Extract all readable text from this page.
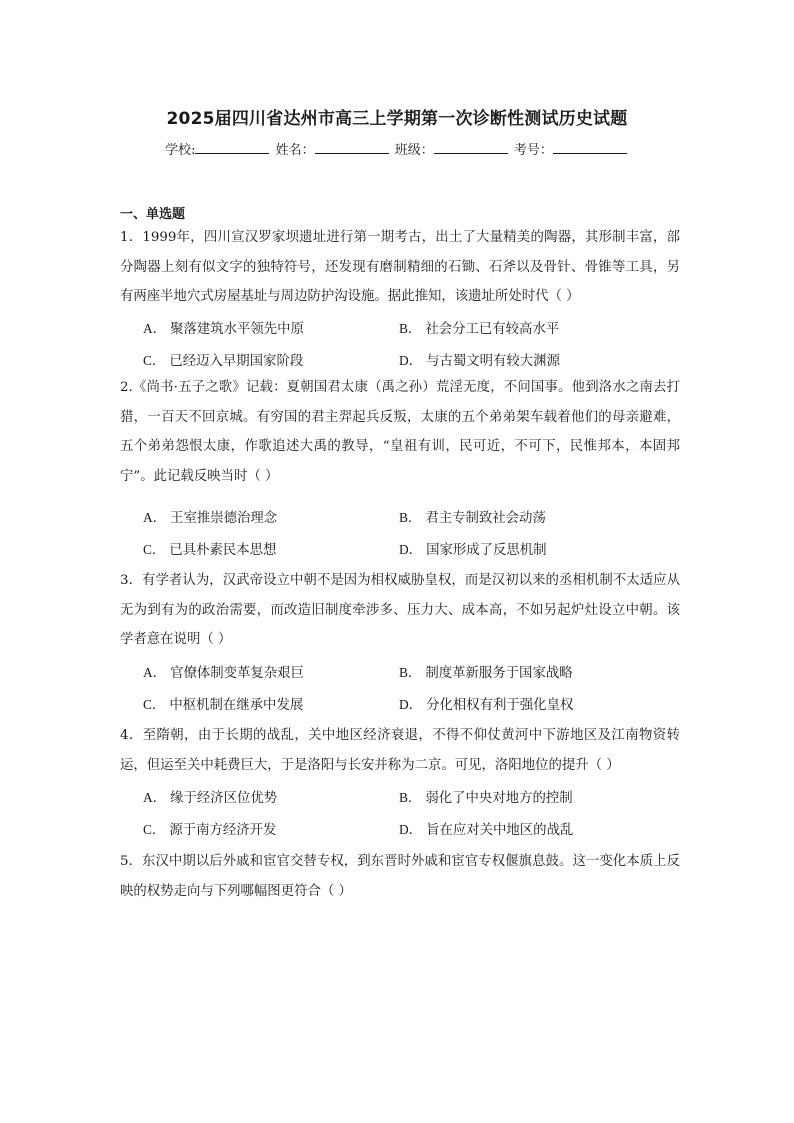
2025届四川省达州市高三上学期第一次诊断性测试历史试题
学校:	姓名：	班级：	考号：
一、单选题
1．1999年，四川宣汉罗家坝遗址进行第一期考古，出土了大量精美的陶器，其形制丰富，部分陶器上刻有似文字的独特符号，还发现有磨制精细的石锄、石斧以及骨针、骨锥等工具，另有两座半地穴式房屋基址与周边防护沟设施。据此推知，该遗址所处时代（ ）
A． 聚落建筑水平领先中原	B． 社会分工已有较高水平
C． 已经迈入早期国家阶段	D． 与古蜀文明有较大渊源
2.《尚书·五子之歌》记载：夏朝国君太康（禹之孙）荒淫无度，不问国事。他到洛水之南去打猎，一百天不回京城。有穷国的君主羿起兵反叛，太康的五个弟弟架车载着他们的母亲避难，五个弟弟怨恨太康，作歌追述大禹的教导，“皇祖有训，民可近，不可下，民惟邦本，本固邦宁”。此记载反映当时（ ）
A． 王室推崇德治理念	B． 君主专制致社会动荡
C． 已具朴素民本思想	D． 国家形成了反思机制
3．有学者认为，汉武帝设立中朝不是因为相权威胁皇权，而是汉初以来的丞相机制不太适应从无为到有为的政治需要，而改造旧制度牵涉多、压力大、成本高，不如另起炉灶设立中朝。该学者意在说明（ ）
A． 官僚体制变革复杂艰巨	B． 制度革新服务于国家战略
C． 中枢机制在继承中发展	D． 分化相权有利于强化皇权
4．至隋朝，由于长期的战乱，关中地区经济衰退，不得不仰仗黄河中下游地区及江南物资转运，但运至关中耗费巨大，于是洛阳与长安并称为二京。可见，洛阳地位的提升（ ）
A． 缘于经济区位优势	B． 弱化了中央对地方的控制
C． 源于南方经济开发	D． 旨在应对关中地区的战乱
5．东汉中期以后外戚和宦官交替专权，到东晋时外戚和宦官专权偃旗息鼓。这一变化本质上反映的权势走向与下列哪幅图更符合（ ）
